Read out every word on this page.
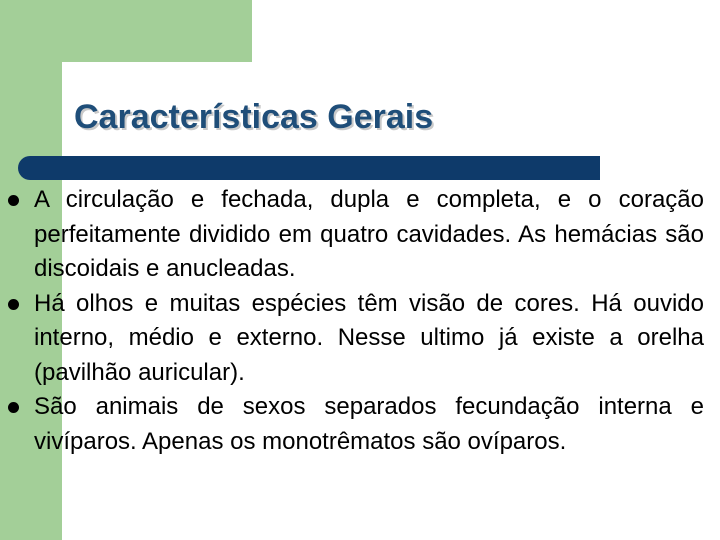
Características Gerais
A circulação e fechada, dupla e completa, e o coração perfeitamente dividido em quatro cavidades. As hemácias são discoidais e anucleadas.
Há olhos e muitas espécies têm visão de cores. Há ouvido interno, médio e externo. Nesse ultimo já existe a orelha (pavilhão auricular).
São animais de sexos separados fecundação interna e vivíparos. Apenas os monotrêmatos são ovíparos.
